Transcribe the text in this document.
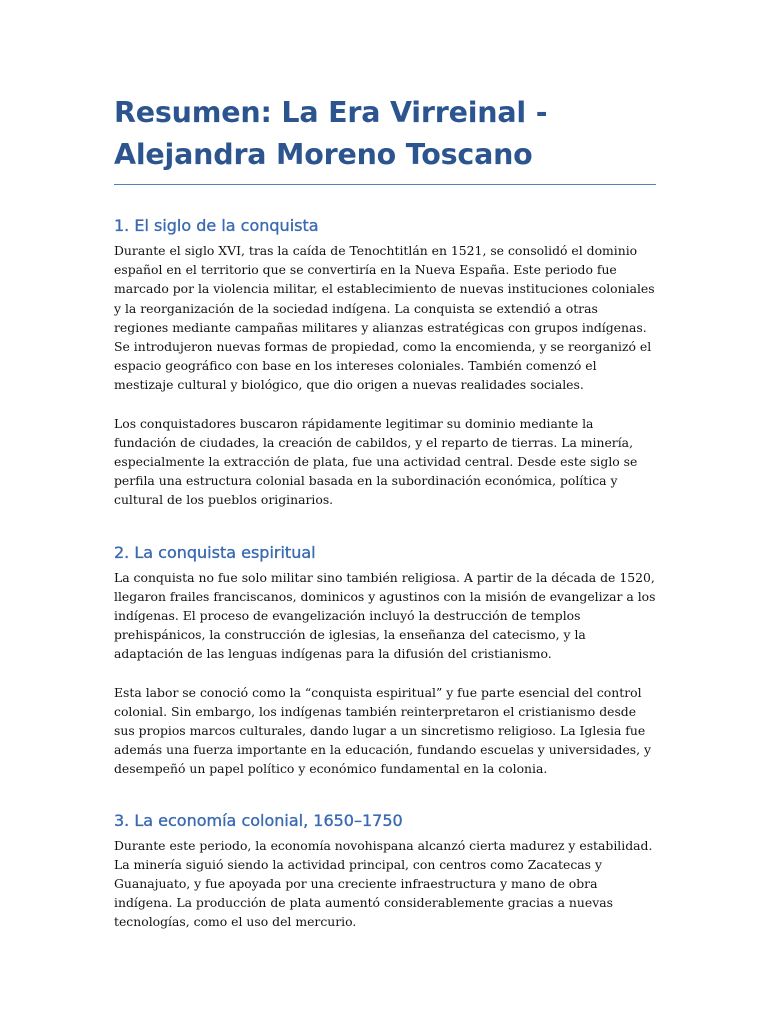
Resumen: La Era Virreinal - Alejandra Moreno Toscano
1. El siglo de la conquista

Durante el siglo XVI, tras la caída de Tenochtitlán en 1521, se consolidó el dominio español en el territorio que se convertiría en la Nueva España. Este periodo fue marcado por la violencia militar, el establecimiento de nuevas instituciones coloniales y la reorganización de la sociedad indígena. La conquista se extendió a otras regiones mediante campañas militares y alianzas estratégicas con grupos indígenas. Se introdujeron nuevas formas de propiedad, como la encomienda, y se reorganizó el espacio geográfico con base en los intereses coloniales. También comenzó el mestizaje cultural y biológico, que dio origen a nuevas realidades sociales.

Los conquistadores buscaron rápidamente legitimar su dominio mediante la fundación de ciudades, la creación de cabildos, y el reparto de tierras. La minería, especialmente la extracción de plata, fue una actividad central. Desde este siglo se perfila una estructura colonial basada en la subordinación económica, política y cultural de los pueblos originarios.

2. La conquista espiritual

La conquista no fue solo militar sino también religiosa. A partir de la década de 1520, llegaron frailes franciscanos, dominicos y agustinos con la misión de evangelizar a los indígenas. El proceso de evangelización incluyó la destrucción de templos prehispánicos, la construcción de iglesias, la enseñanza del catecismo, y la adaptación de las lenguas indígenas para la difusión del cristianismo.

Esta labor se conoció como la “conquista espiritual” y fue parte esencial del control colonial. Sin embargo, los indígenas también reinterpretaron el cristianismo desde sus propios marcos culturales, dando lugar a un sincretismo religioso. La Iglesia fue además una fuerza importante en la educación, fundando escuelas y universidades, y desempeñó un papel político y económico fundamental en la colonia.

3. La economía colonial, 1650–1750

Durante este periodo, la economía novohispana alcanzó cierta madurez y estabilidad. La minería siguió siendo la actividad principal, con centros como Zacatecas y Guanajuato, y fue apoyada por una creciente infraestructura y mano de obra indígena. La producción de plata aumentó considerablemente gracias a nuevas tecnologías, como el uso del mercurio.
